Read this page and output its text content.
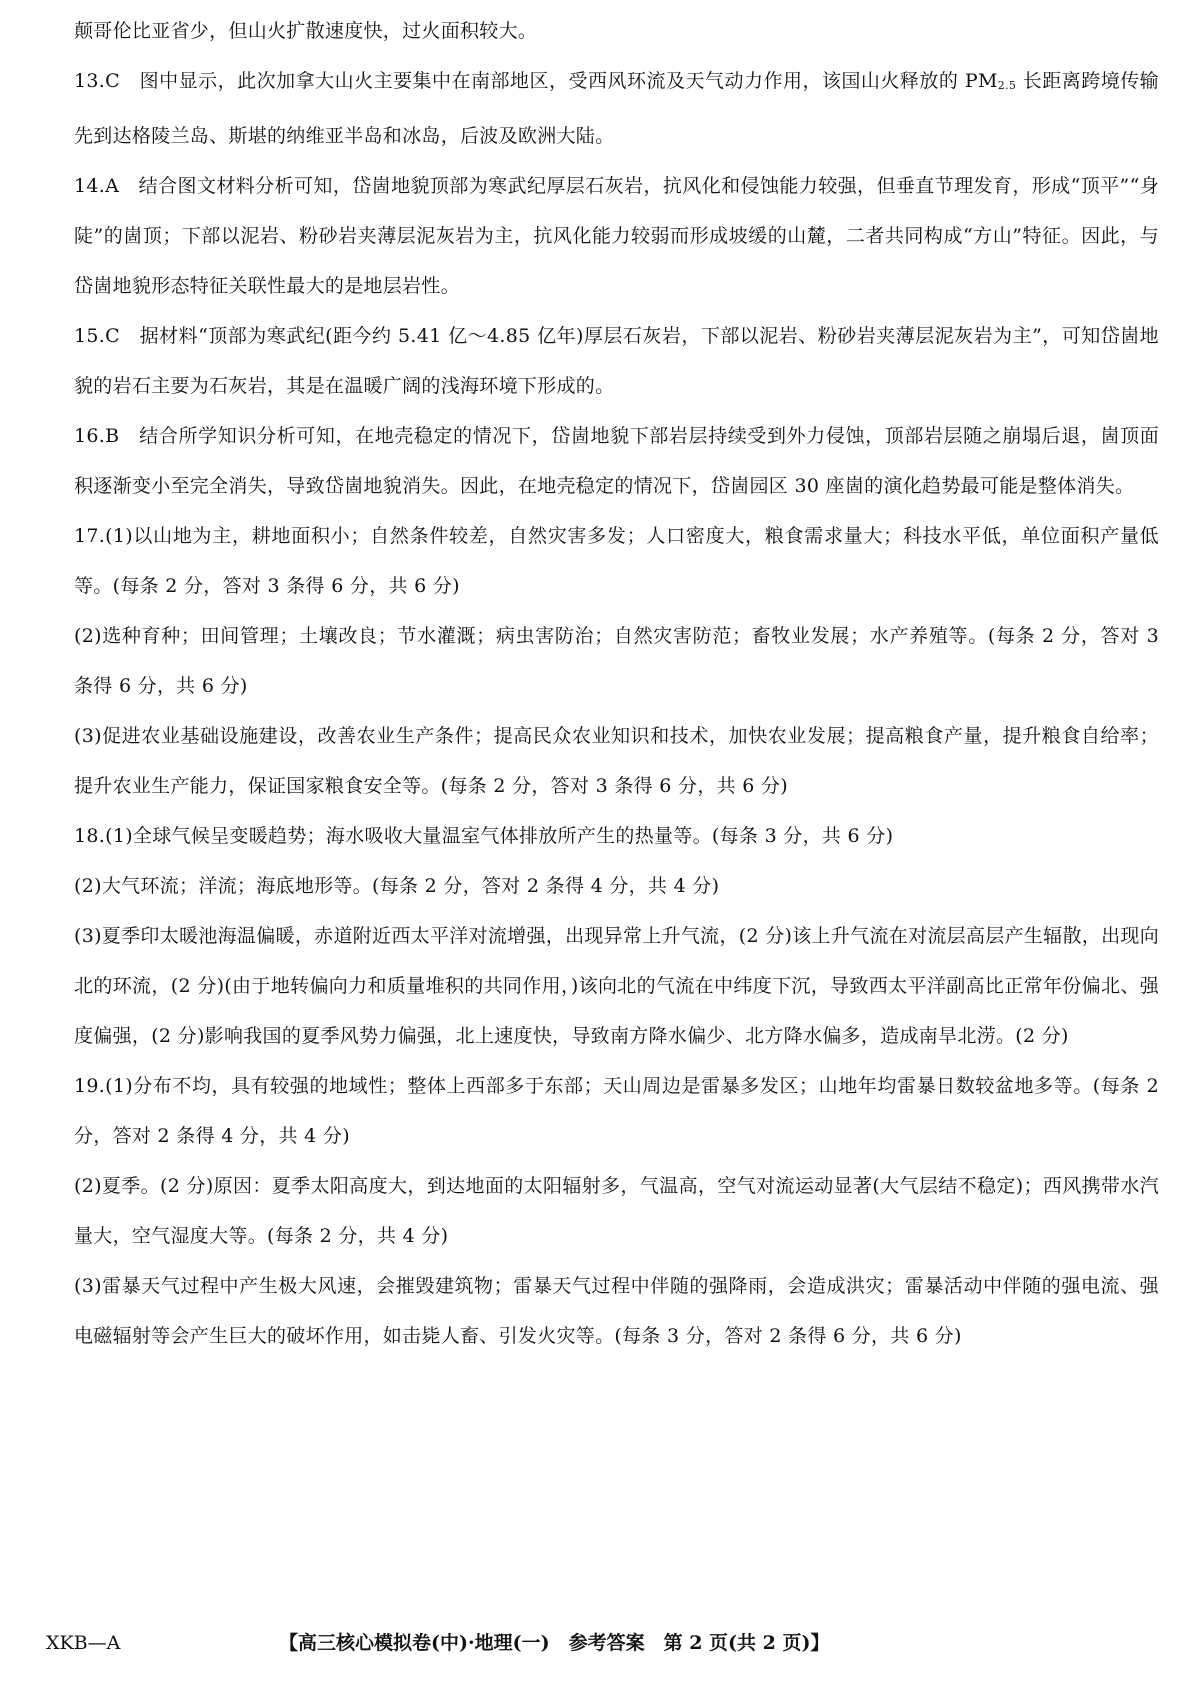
颠哥伦比亚省少，但山火扩散速度快，过火面积较大。

13.C　图中显示，此次加拿大山火主要集中在南部地区，受西风环流及天气动力作用，该国山火释放的 PM2.5 长距离跨境传输先到达格陵兰岛、斯堪的纳维亚半岛和冰岛，后波及欧洲大陆。

14.A　结合图文材料分析可知，岱崮地貌顶部为寒武纪厚层石灰岩，抗风化和侵蚀能力较强，但垂直节理发育，形成“顶平”“身陡”的崮顶；下部以泥岩、粉砂岩夹薄层泥灰岩为主，抗风化能力较弱而形成坡缓的山麓，二者共同构成“方山”特征。因此，与岱崮地貌形态特征关联性最大的是地层岩性。

15.C　据材料“顶部为寒武纪(距今约 5.41 亿～4.85 亿年)厚层石灰岩，下部以泥岩、粉砂岩夹薄层泥灰岩为主”，可知岱崮地貌的岩石主要为石灰岩，其是在温暖广阔的浅海环境下形成的。

16.B　结合所学知识分析可知，在地壳稳定的情况下，岱崮地貌下部岩层持续受到外力侵蚀，顶部岩层随之崩塌后退，崮顶面积逐渐变小至完全消失，导致岱崮地貌消失。因此，在地壳稳定的情况下，岱崮园区 30 座崮的演化趋势最可能是整体消失。

17.(1)以山地为主，耕地面积小；自然条件较差，自然灾害多发；人口密度大，粮食需求量大；科技水平低，单位面积产量低等。(每条 2 分，答对 3 条得 6 分，共 6 分)

(2)选种育种；田间管理；土壤改良；节水灌溉；病虫害防治；自然灾害防范；畜牧业发展；水产养殖等。(每条 2 分，答对 3 条得 6 分，共 6 分)

(3)促进农业基础设施建设，改善农业生产条件；提高民众农业知识和技术，加快农业发展；提高粮食产量，提升粮食自给率；提升农业生产能力，保证国家粮食安全等。(每条 2 分，答对 3 条得 6 分，共 6 分)

18.(1)全球气候呈变暖趋势；海水吸收大量温室气体排放所产生的热量等。(每条 3 分，共 6 分)

(2)大气环流；洋流；海底地形等。(每条 2 分，答对 2 条得 4 分，共 4 分)

(3)夏季印太暖池海温偏暖，赤道附近西太平洋对流增强，出现异常上升气流，(2 分)该上升气流在对流层高层产生辐散，出现向北的环流，(2 分)(由于地转偏向力和质量堆积的共同作用，)该向北的气流在中纬度下沉，导致西太平洋副高比正常年份偏北、强度偏强，(2 分)影响我国的夏季风势力偏强，北上速度快，导致南方降水偏少、北方降水偏多，造成南旱北涝。(2 分)

19.(1)分布不均，具有较强的地域性；整体上西部多于东部；天山周边是雷暴多发区；山地年均雷暴日数较盆地多等。(每条 2 分，答对 2 条得 4 分，共 4 分)

(2)夏季。(2 分)原因：夏季太阳高度大，到达地面的太阳辐射多，气温高，空气对流运动显著(大气层结不稳定)；西风携带水汽量大，空气湿度大等。(每条 2 分，共 4 分)

(3)雷暴天气过程中产生极大风速，会摧毁建筑物；雷暴天气过程中伴随的强降雨，会造成洪灾；雷暴活动中伴随的强电流、强电磁辐射等会产生巨大的破坏作用，如击毙人畜、引发火灾等。(每条 3 分，答对 2 条得 6 分，共 6 分)

XKB—A	【高三核心模拟卷(中)·地理(一)　参考答案　第 2 页(共 2 页)】
